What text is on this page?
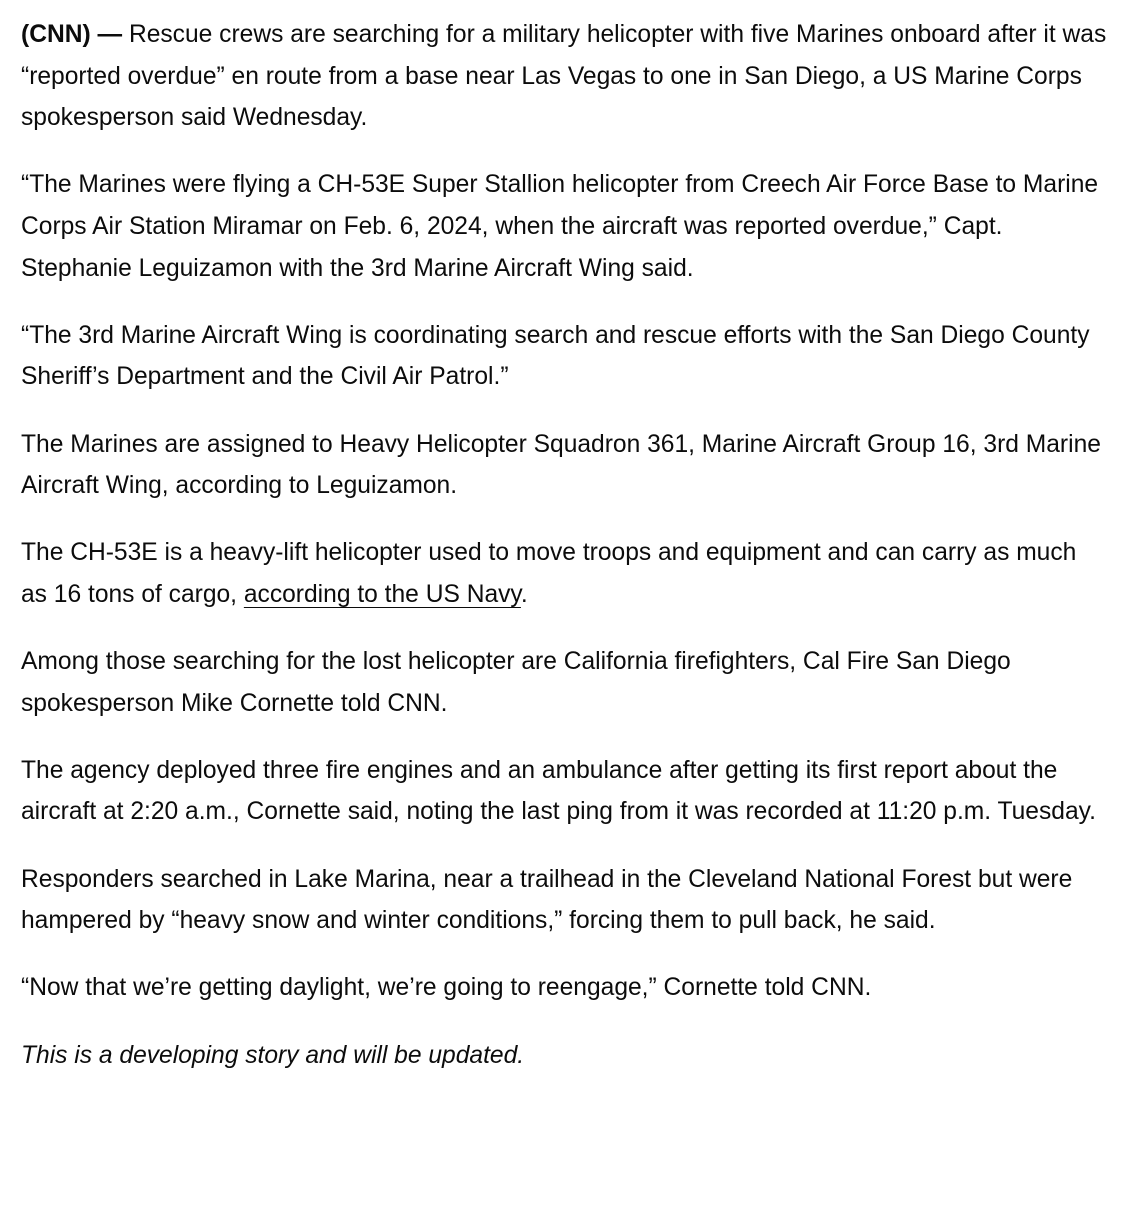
(CNN) — Rescue crews are searching for a military helicopter with five Marines onboard after it was “reported overdue” en route from a base near Las Vegas to one in San Diego, a US Marine Corps spokesperson said Wednesday.

“The Marines were flying a CH-53E Super Stallion helicopter from Creech Air Force Base to Marine Corps Air Station Miramar on Feb. 6, 2024, when the aircraft was reported overdue,” Capt. Stephanie Leguizamon with the 3rd Marine Aircraft Wing said.

“The 3rd Marine Aircraft Wing is coordinating search and rescue efforts with the San Diego County Sheriff’s Department and the Civil Air Patrol.”

The Marines are assigned to Heavy Helicopter Squadron 361, Marine Aircraft Group 16, 3rd Marine Aircraft Wing, according to Leguizamon.

The CH-53E is a heavy-lift helicopter used to move troops and equipment and can carry as much as 16 tons of cargo, according to the US Navy.

Among those searching for the lost helicopter are California firefighters, Cal Fire San Diego spokesperson Mike Cornette told CNN.

The agency deployed three fire engines and an ambulance after getting its first report about the aircraft at 2:20 a.m., Cornette said, noting the last ping from it was recorded at 11:20 p.m. Tuesday.

Responders searched in Lake Marina, near a trailhead in the Cleveland National Forest but were hampered by “heavy snow and winter conditions,” forcing them to pull back, he said.

“Now that we’re getting daylight, we’re going to reengage,” Cornette told CNN.

This is a developing story and will be updated.
